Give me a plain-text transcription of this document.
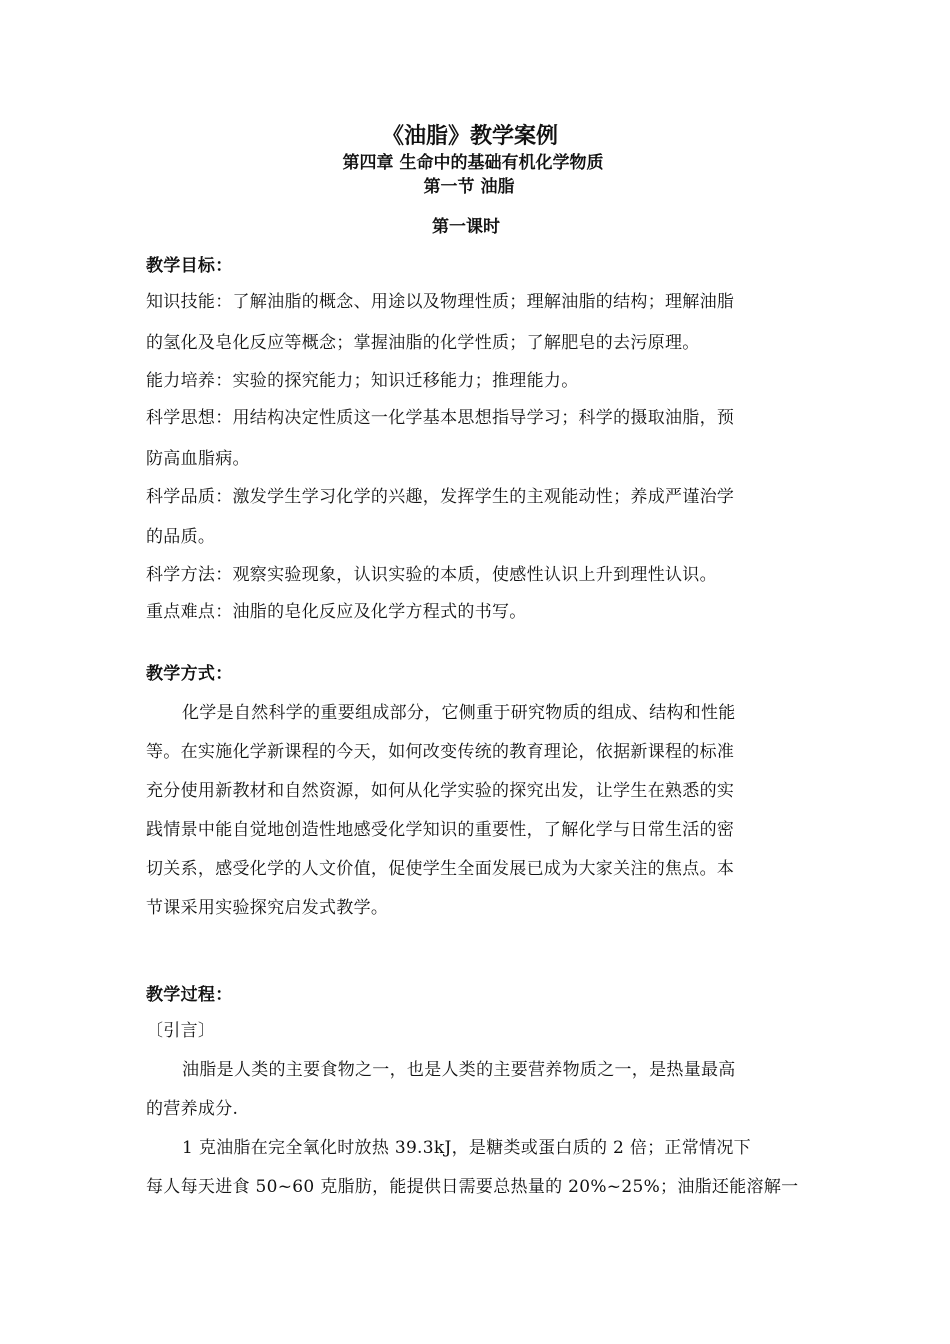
《油脂》教学案例
第四章 生命中的基础有机化学物质
第一节 油脂
第一课时
教学目标：
知识技能：了解油脂的概念、用途以及物理性质；理解油脂的结构；理解油脂
的氢化及皂化反应等概念；掌握油脂的化学性质；了解肥皂的去污原理。
能力培养：实验的探究能力；知识迁移能力；推理能力。
科学思想：用结构决定性质这一化学基本思想指导学习；科学的摄取油脂，预
防高血脂病。
科学品质：激发学生学习化学的兴趣，发挥学生的主观能动性；养成严谨治学
的品质。
科学方法：观察实验现象，认识实验的本质，使感性认识上升到理性认识。
重点难点：油脂的皂化反应及化学方程式的书写。
教学方式：
化学是自然科学的重要组成部分，它侧重于研究物质的组成、结构和性能
等。在实施化学新课程的今天，如何改变传统的教育理论，依据新课程的标准
充分使用新教材和自然资源，如何从化学实验的探究出发，让学生在熟悉的实
践情景中能自觉地创造性地感受化学知识的重要性，了解化学与日常生活的密
切关系，感受化学的人文价值，促使学生全面发展已成为大家关注的焦点。本
节课采用实验探究启发式教学。
教学过程：
〔引言〕
油脂是人类的主要食物之一，也是人类的主要营养物质之一，是热量最高
的营养成分.
1 克油脂在完全氧化时放热 39.3kJ，是糖类或蛋白质的 2 倍；正常情况下
每人每天进食 50~60 克脂肪，能提供日需要总热量的 20%~25%；油脂还能溶解一
